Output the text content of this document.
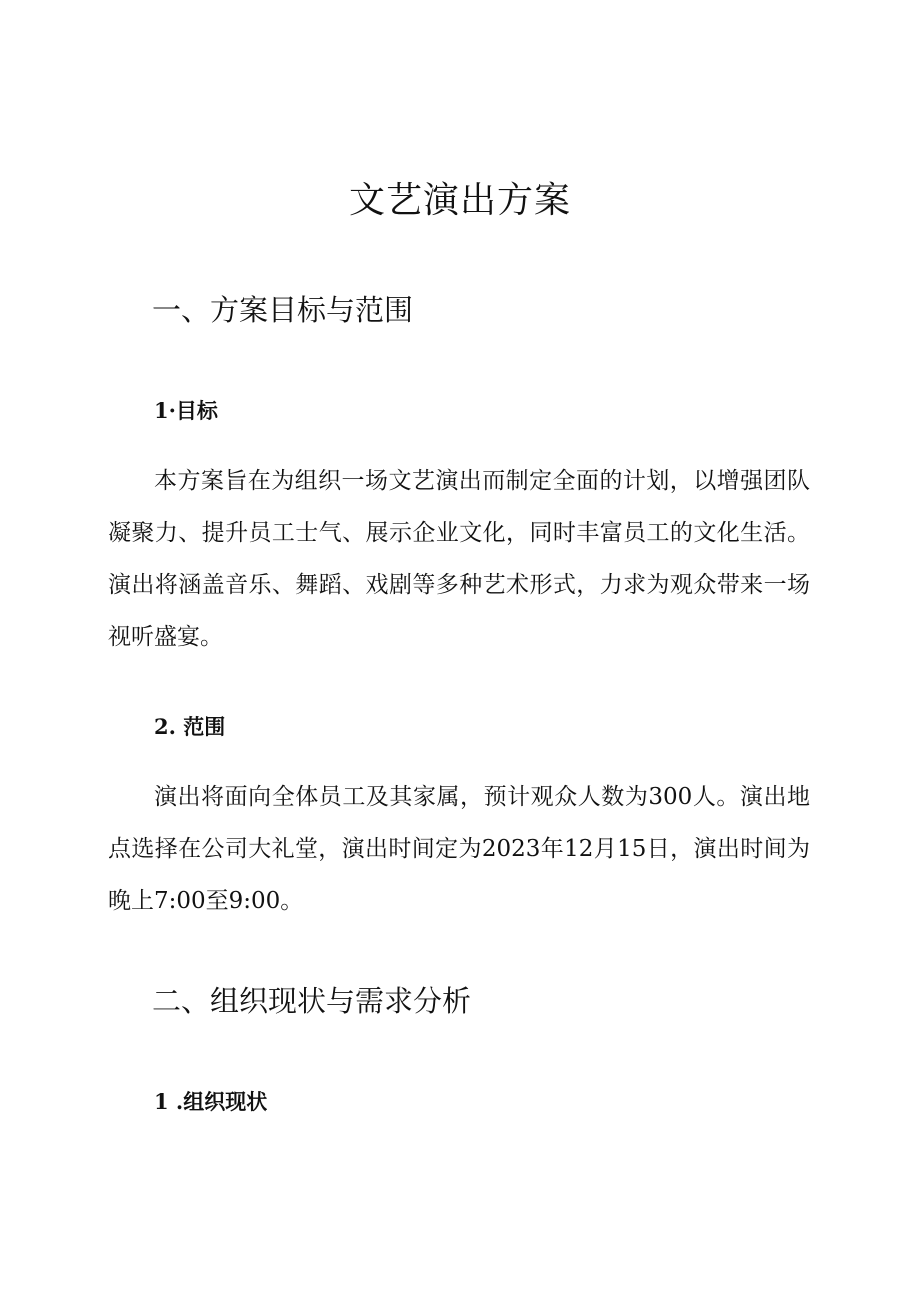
文艺演出方案
一、方案目标与范围
1·目标

本方案旨在为组织一场文艺演出而制定全面的计划，以增强团队凝聚力、提升员工士气、展示企业文化，同时丰富员工的文化生活。演出将涵盖音乐、舞蹈、戏剧等多种艺术形式，力求为观众带来一场视听盛宴。

2. 范围

演出将面向全体员工及其家属，预计观众人数为300人。演出地点选择在公司大礼堂，演出时间定为2023年12月15日，演出时间为晚上7:00至9:00。

二、组织现状与需求分析
1 .组织现状
